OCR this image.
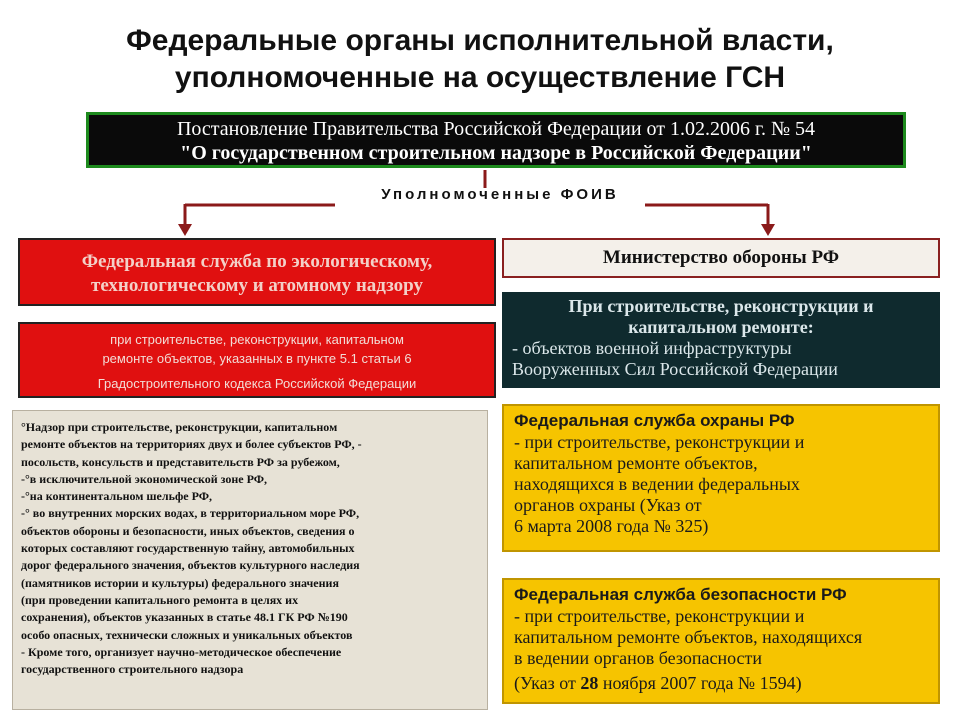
Федеральные органы исполнительной власти,
уполномоченные на осуществление ГСН
Постановление Правительства Российской Федерации от 1.02.2006 г. № 54
"О государственном строительном надзоре в Российской Федерации"
Уполномоченные ФОИВ
Федеральная служба по экологическому,
технологическому и атомному надзору
при строительстве, реконструкции, капитальном
ремонте объектов, указанных в пункте 5.1 статьи 6
Градостроительного кодекса Российской Федерации
Министерство обороны РФ
При строительстве, реконструкции и
капитальном ремонте:
- объектов военной инфраструктуры
Вооруженных Сил Российской Федерации
°Надзор при строительстве, реконструкции, капитальном
ремонте объектов на территориях двух и более субъектов РФ, -
посольств, консульств и представительств РФ за рубежом,
-°в исключительной экономической зоне РФ,
-°на континентальном шельфе РФ,
-° во внутренних морских водах, в территориальном море РФ,
объектов обороны и безопасности, иных объектов, сведения о
которых составляют государственную тайну, автомобильных
дорог федерального значения, объектов культурного наследия
(памятников истории и культуры) федерального значения
(при проведении капитального ремонта в целях их
сохранения), объектов указанных в статье 48.1 ГК РФ №190
особо опасных, технически сложных и уникальных объектов
- Кроме того, организует научно-методическое обеспечение
государственного строительного надзора
Федеральная служба охраны РФ
- при строительстве, реконструкции и
капитальном ремонте объектов,
находящихся в ведении федеральных
органов охраны (Указ от
6 марта 2008 года № 325)
Федеральная служба безопасности РФ
- при строительстве, реконструкции и
капитальном ремонте объектов, находящихся
в ведении органов безопасности
(Указ от 28 ноября 2007 года № 1594)
